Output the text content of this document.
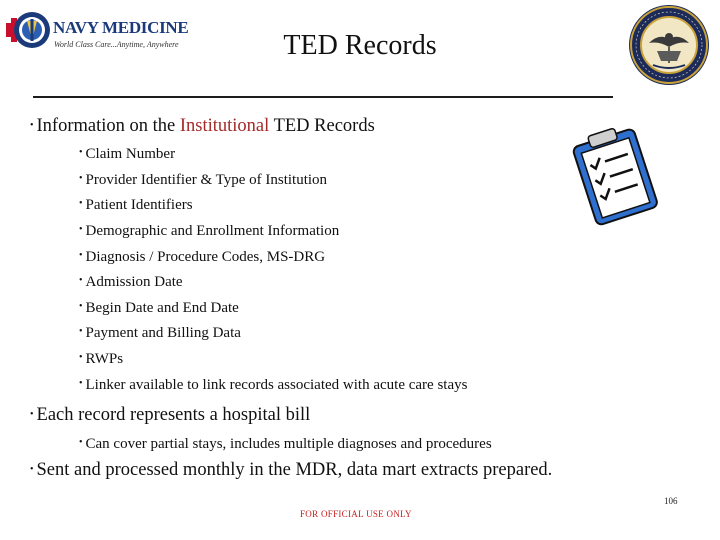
NAVY MEDICINE
World Class Care...Anytime, Anywhere	TED Records
• Information on the Institutional TED Records
• Claim Number
• Provider Identifier & Type of Institution
• Patient Identifiers
• Demographic and Enrollment Information
• Diagnosis / Procedure Codes, MS-DRG
• Admission Date
• Begin Date and End Date
• Payment and Billing Data
• RWPs
• Linker available to link records associated with acute care stays
• Each record represents a hospital bill
• Can cover partial stays, includes multiple diagnoses and procedures
• Sent and processed monthly in the MDR, data mart extracts prepared.
106
FOR OFFICIAL USE ONLY
